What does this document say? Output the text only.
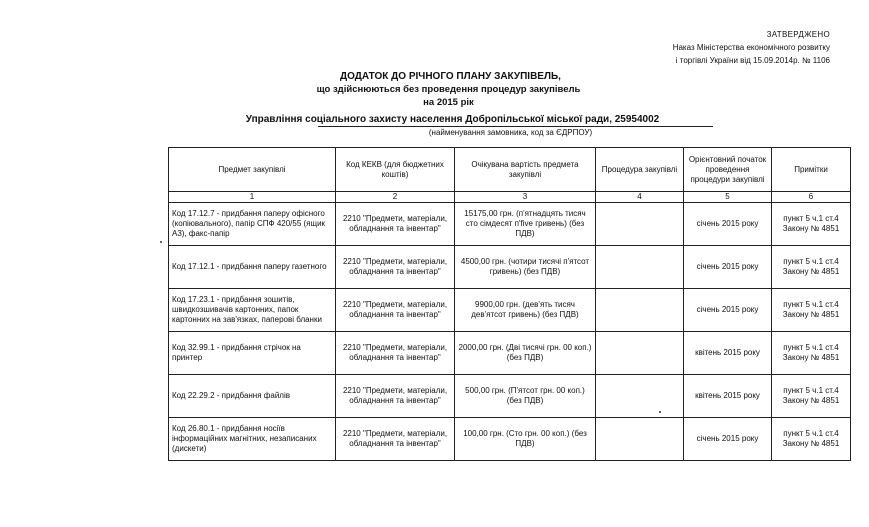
ЗАТВЕРДЖЕНО
Наказ Міністерства економічного розвитку
і торгівлі України від 15.09.2014р. № 1106
ДОДАТОК ДО РІЧНОГО ПЛАНУ ЗАКУПІВЕЛЬ,
що здійснюються без проведення процедур закупівель
на 2015 рік
Управління соціального захисту населення Добропільської міської ради, 25954002
(найменування замовника, код за ЄДРПОУ)
Предмет закупівлі	Код КЕКВ (для бюджетних коштів)	Очікувана вартість предмета закупівлі	Процедура закупівлі	Орієнтовний початок проведення процедури закупівлі	Примітки
1	2	3	4	5	6
Код 17.12.7 - придбання паперу офісного (копіювального), папір СПФ 420/55 (ящик А3), факс-папір	2210 "Предмети, матеріали, обладнання та інвентар"	15175,00 грн. (п'ятнадцять тисяч сто сімдесят п'five гривень) (без ПДВ)		січень 2015 року	пункт 5 ч.1 ст.4 Закону № 4851
Код 17.12.1 - придбання паперу газетного	2210 "Предмети, матеріали, обладнання та інвентар"	4500,00 грн. (чотири тисячі п'ятсот гривень) (без ПДВ)		січень 2015 року	пункт 5 ч.1 ст.4 Закону № 4851
Код 17.23.1 - придбання зошитів, швидкозшивачів картонних, папок картонних на зав'язках, паперові бланки	2210 "Предмети, матеріали, обладнання та інвентар"	9900,00 грн. (дев'ять тисяч дев'ятсот гривень) (без ПДВ)		січень 2015 року	пункт 5 ч.1 ст.4 Закону № 4851
Код 32.99.1 - придбання стрічок на принтер	2210 "Предмети, матеріали, обладнання та інвентар"	2000,00 грн. (Дві тисячі грн. 00 коп.) (без ПДВ)		квітень 2015 року	пункт 5 ч.1 ст.4 Закону № 4851
Код 22.29.2 - придбання файлів	2210 "Предмети, матеріали, обладнання та інвентар"	500,00 грн. (П'ятсот грн. 00 коп.) (без ПДВ)		квітень 2015 року	пункт 5 ч.1 ст.4 Закону № 4851
Код 26.80.1 - придбання носіїв інформаційних магнітних, незаписаних (дискети)	2210 "Предмети, матеріали, обладнання та інвентар"	100,00 грн. (Сто грн. 00 коп.) (без ПДВ)		січень 2015 року	пункт 5 ч.1 ст.4 Закону № 4851
